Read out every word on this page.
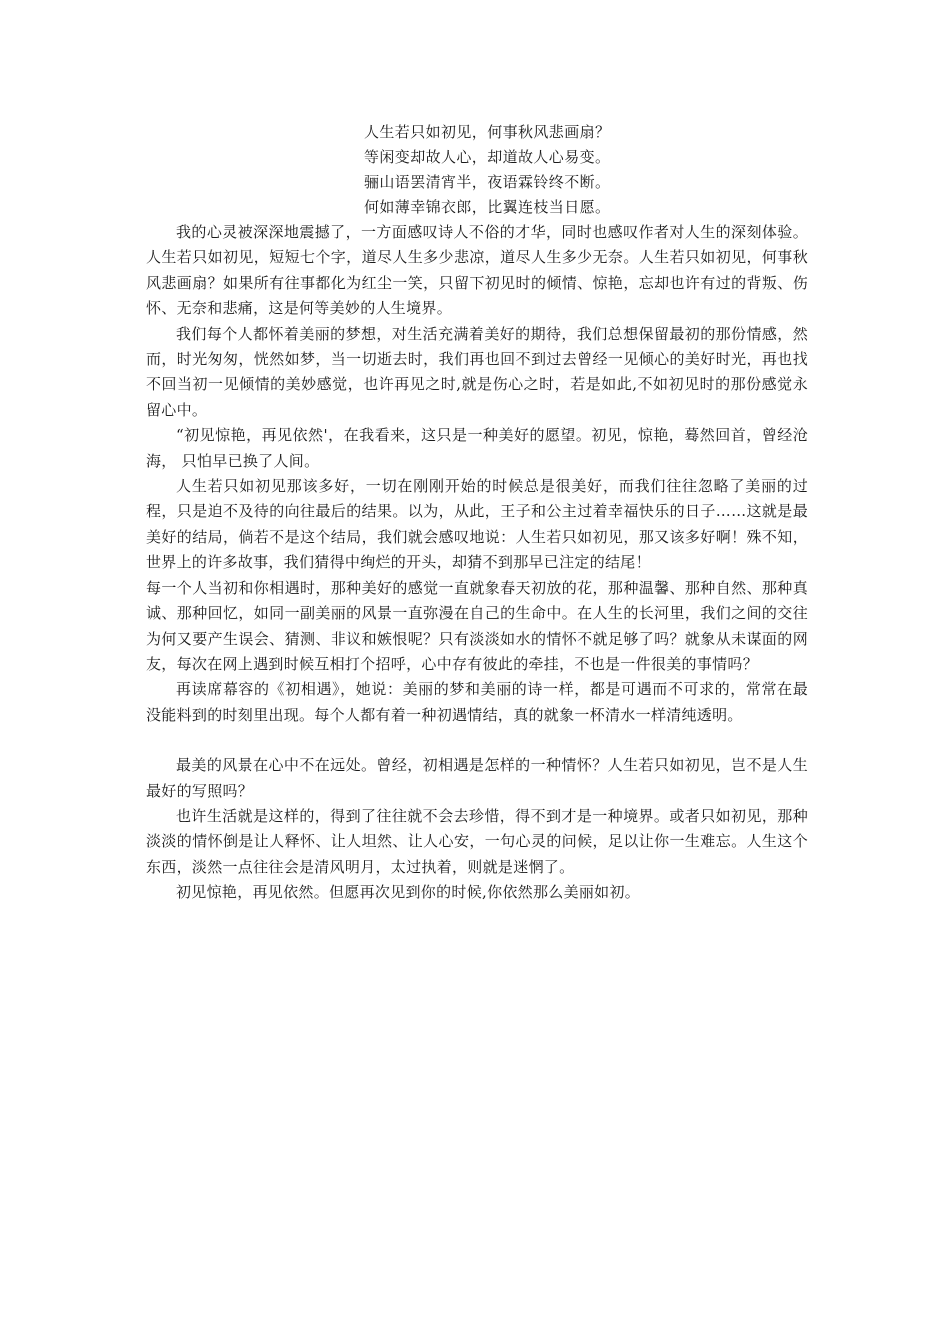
人生若只如初见，何事秋风悲画扇？
等闲变却故人心，却道故人心易变。
骊山语罢清宵半，夜语霖铃终不断。
何如薄幸锦衣郎，比翼连枝当日愿。

我的心灵被深深地震撼了，一方面感叹诗人不俗的才华，同时也感叹作者对人生的深刻体验。人生若只如初见，短短七个字，道尽人生多少悲凉，道尽人生多少无奈。人生若只如初见，何事秋风悲画扇？如果所有往事都化为红尘一笑，只留下初见时的倾情、惊艳，忘却也许有过的背叛、伤怀、无奈和悲痛，这是何等美妙的人生境界。

我们每个人都怀着美丽的梦想，对生活充满着美好的期待，我们总想保留最初的那份情感，然而，时光匆匆，恍然如梦，当一切逝去时，我们再也回不到过去曾经一见倾心的美好时光，再也找不回当初一见倾情的美妙感觉，也许再见之时,就是伤心之时，若是如此,不如初见时的那份感觉永留心中。

“初见惊艳，再见依然'，在我看来，这只是一种美好的愿望。初见，惊艳，蓦然回首，曾经沧海， 只怕早已换了人间。

人生若只如初见那该多好，一切在刚刚开始的时候总是很美好，而我们往往忽略了美丽的过程，只是迫不及待的向往最后的结果。以为，从此，王子和公主过着幸福快乐的日子……这就是最美好的结局，倘若不是这个结局，我们就会感叹地说：人生若只如初见，那又该多好啊！殊不知，世界上的许多故事，我们猜得中绚烂的开头，却猜不到那早已注定的结尾！

每一个人当初和你相遇时，那种美好的感觉一直就象春天初放的花，那种温馨、那种自然、那种真诚、那种回忆，如同一副美丽的风景一直弥漫在自己的生命中。在人生的长河里，我们之间的交往为何又要产生误会、猜测、非议和嫉恨呢？只有淡淡如水的情怀不就足够了吗？就象从未谋面的网友，每次在网上遇到时候互相打个招呼，心中存有彼此的牵挂，不也是一件很美的事情吗？

再读席幕容的《初相遇》，她说：美丽的梦和美丽的诗一样，都是可遇而不可求的，常常在最没能料到的时刻里出现。每个人都有着一种初遇情结，真的就象一杯清水一样清纯透明。

最美的风景在心中不在远处。曾经，初相遇是怎样的一种情怀？人生若只如初见，岂不是人生最好的写照吗？

也许生活就是这样的，得到了往往就不会去珍惜，得不到才是一种境界。或者只如初见，那种淡淡的情怀倒是让人释怀、让人坦然、让人心安，一句心灵的问候，足以让你一生难忘。人生这个东西，淡然一点往往会是清风明月，太过执着，则就是迷惘了。

初见惊艳，再见依然。但愿再次见到你的时候,你依然那么美丽如初。
